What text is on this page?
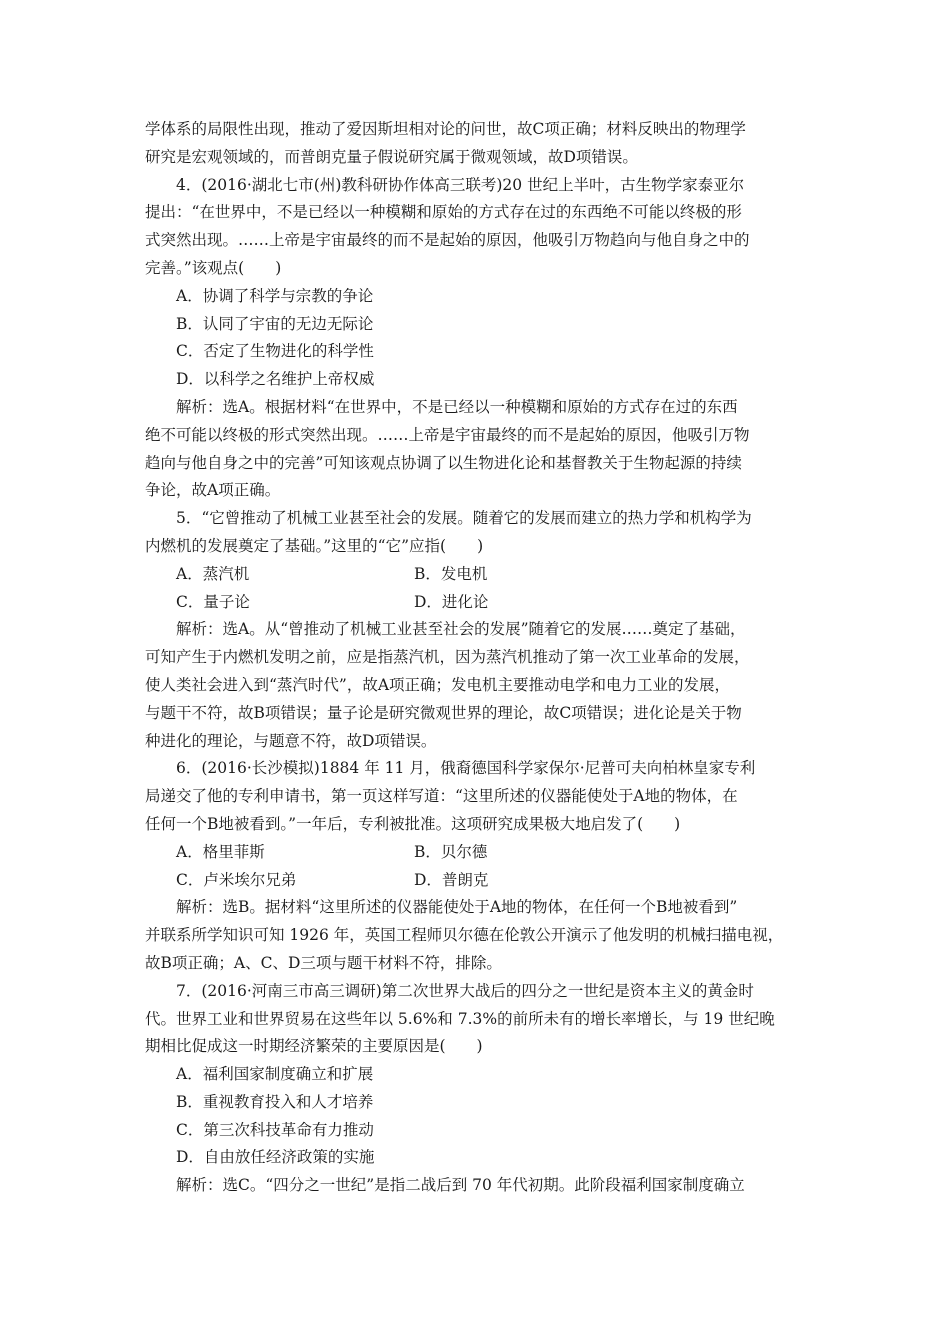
学体系的局限性出现，推动了爱因斯坦相对论的问世，故C项正确；材料反映出的物理学
研究是宏观领域的，而普朗克量子假说研究属于微观领域，故D项错误。
4．(2016·湖北七市(州)教科研协作体高三联考)20 世纪上半叶，古生物学家泰亚尔
提出：“在世界中，不是已经以一种模糊和原始的方式存在过的东西绝不可能以终极的形
式突然出现。……上帝是宇宙最终的而不是起始的原因，他吸引万物趋向与他自身之中的
完善。”该观点(　　)
A．协调了科学与宗教的争论
B．认同了宇宙的无边无际论
C．否定了生物进化的科学性
D．以科学之名维护上帝权威
解析：选A。根据材料“在世界中，不是已经以一种模糊和原始的方式存在过的东西
绝不可能以终极的形式突然出现。……上帝是宇宙最终的而不是起始的原因，他吸引万物
趋向与他自身之中的完善”可知该观点协调了以生物进化论和基督教关于生物起源的持续
争论，故A项正确。
5．“它曾推动了机械工业甚至社会的发展。随着它的发展而建立的热力学和机构学为
内燃机的发展奠定了基础。”这里的“它”应指(　　)
A．蒸汽机	B．发电机
C．量子论	D．进化论
解析：选A。从“曾推动了机械工业甚至社会的发展”随着它的发展……奠定了基础，
可知产生于内燃机发明之前，应是指蒸汽机，因为蒸汽机推动了第一次工业革命的发展，
使人类社会进入到“蒸汽时代”，故A项正确；发电机主要推动电学和电力工业的发展，
与题干不符，故B项错误；量子论是研究微观世界的理论，故C项错误；进化论是关于物
种进化的理论，与题意不符，故D项错误。
6．(2016·长沙模拟)1884 年 11 月，俄裔德国科学家保尔·尼普可夫向柏林皇家专利
局递交了他的专利申请书，第一页这样写道：“这里所述的仪器能使处于A地的物体，在
任何一个B地被看到。”一年后，专利被批准。这项研究成果极大地启发了(　　)
A．格里菲斯	B．贝尔德
C．卢米埃尔兄弟	D．普朗克
解析：选B。据材料“这里所述的仪器能使处于A地的物体，在任何一个B地被看到”
并联系所学知识可知 1926 年，英国工程师贝尔德在伦敦公开演示了他发明的机械扫描电视，
故B项正确；A、C、D三项与题干材料不符，排除。
7．(2016·河南三市高三调研)第二次世界大战后的四分之一世纪是资本主义的黄金时
代。世界工业和世界贸易在这些年以 5.6%和 7.3%的前所未有的增长率增长，与 19 世纪晚
期相比促成这一时期经济繁荣的主要原因是(　　)
A．福利国家制度确立和扩展
B．重视教育投入和人才培养
C．第三次科技革命有力推动
D．自由放任经济政策的实施
解析：选C。“四分之一世纪”是指二战后到 70 年代初期。此阶段福利国家制度确立
